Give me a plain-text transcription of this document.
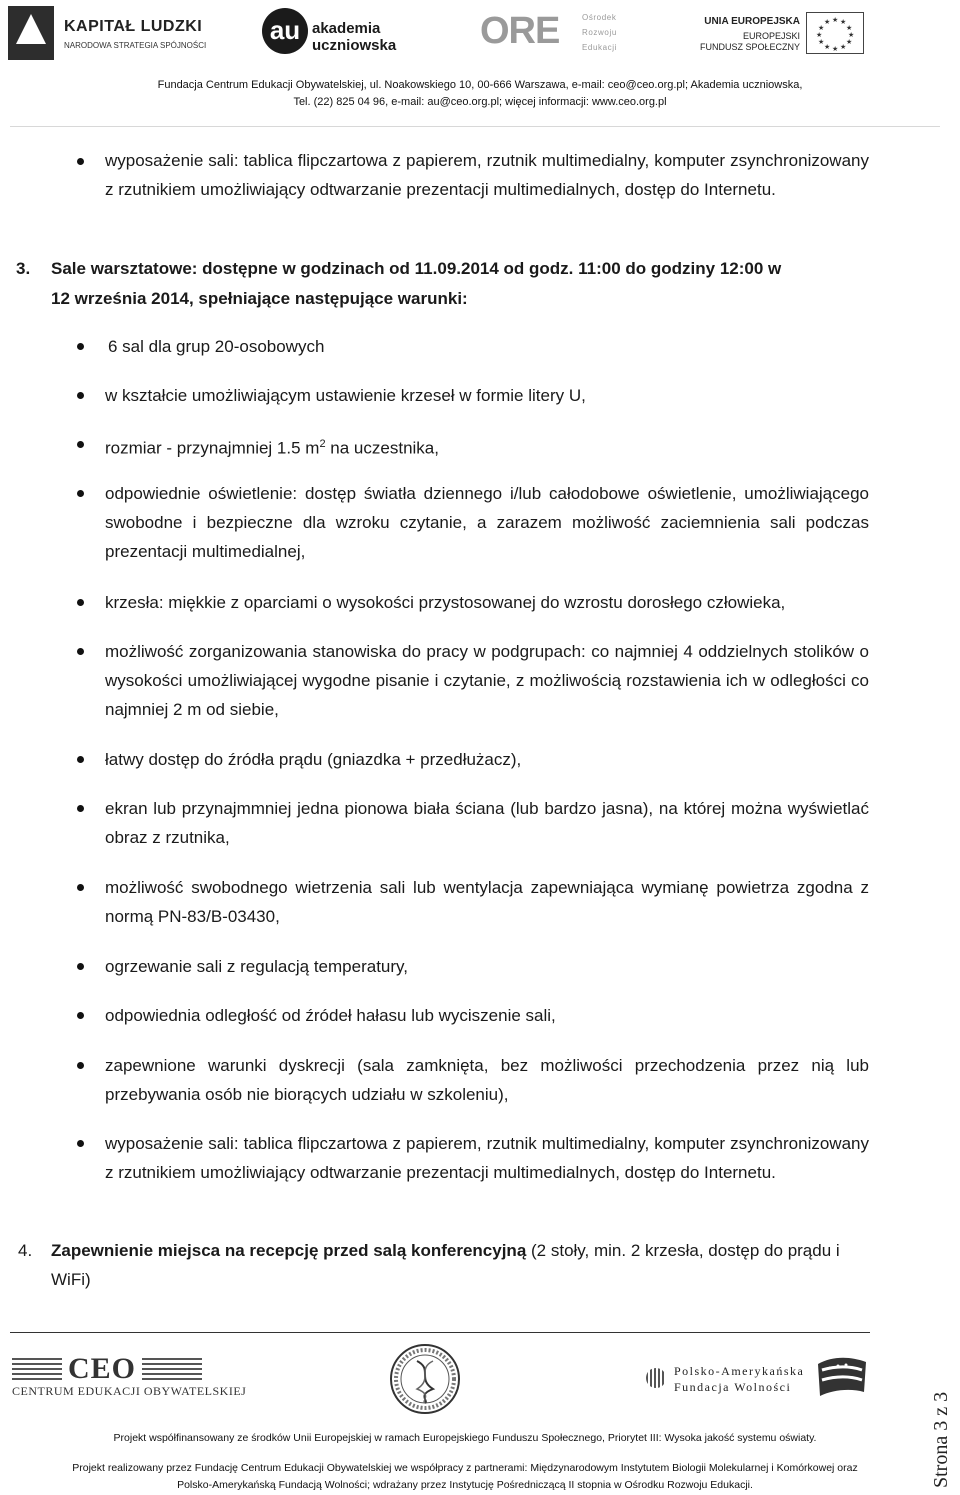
KAPITAŁ LUDZKI
NARODOWA STRATEGIA SPÓJNOŚCI
au akademia
uczniowska ORE	Ośrodek
Rozwoju
Edukacji
UNIA EUROPEJSKA
EUROPEJSKI
FUNDUSZ SPOŁECZNY
★ ★
★
★
★
★
★
★
★
★
★
★
Fundacja Centrum Edukacji Obywatelskiej, ul. Noakowskiego 10, 00-666 Warszawa, e-mail: ceo@ceo.org.pl; Akademia uczniowska,
Tel. (22) 825 04 96, e-mail: au@ceo.org.pl; więcej informacji: www.ceo.org.pl
wyposażenie sali: tablica flipczartowa z papierem, rzutnik multimedialny, komputer zsynchronizowany z rzutnikiem umożliwiający odtwarzanie prezentacji multimedialnych, dostęp do Internetu.
3. Sale warsztatowe: dostępne w godzinach od 11.09.2014 od godz. 11:00 do godziny 12:00 w
12 września 2014, spełniające następujące warunki:
6 sal dla grup 20-osobowych
w kształcie umożliwiającym ustawienie krzeseł w formie litery U,
rozmiar - przynajmniej 1.5 $m^2$ na uczestnika,
odpowiednie oświetlenie: dostęp światła dziennego i/lub całodobowe oświetlenie, umożliwiającego swobodne i bezpieczne dla wzroku czytanie, a zarazem możliwość zaciemnienia sali podczas prezentacji multimedialnej,
krzesła: miękkie z oparciami o wysokości przystosowanej do wzrostu dorosłego człowieka,
możliwość zorganizowania stanowiska do pracy w podgrupach: co najmniej 4 oddzielnych stolików o wysokości umożliwiającej wygodne pisanie i czytanie, z możliwością rozstawienia ich w odległości co najmniej 2 m od siebie,
łatwy dostęp do źródła prądu (gniazdka + przedłużacz),
ekran lub przynajmmniej jedna pionowa biała ściana (lub bardzo jasna), na której można wyświetlać obraz z rzutnika,
możliwość swobodnego wietrzenia sali lub wentylacja zapewniająca wymianę powietrza zgodna z normą PN-83/B-03430,
ogrzewanie sali z regulacją temperatury,
odpowiednia odległość od źródeł hałasu lub wyciszenie sali,
zapewnione warunki dyskrecji (sala zamknięta, bez możliwości przechodzenia przez nią lub przebywania osób nie biorących udziału w szkoleniu),
wyposażenie sali: tablica flipczartowa z papierem, rzutnik multimedialny, komputer zsynchronizowany z rzutnikiem umożliwiający odtwarzanie prezentacji multimedialnych, dostęp do Internetu.
4. Zapewnienie miejsca na recepcję przed salą konferencyjną (2 stoły, min. 2 krzesła, dostęp do prądu i WiFi)
CEO
CENTRUM EDUKACJI OBYWATELSKIEJ
Polsko-Amerykańska
Fundacja Wolności
Projekt współfinansowany ze środków Unii Europejskiej w ramach Europejskiego Funduszu Społecznego, Priorytet III: Wysoka jakość systemu oświaty.
Projekt realizowany przez Fundację Centrum Edukacji Obywatelskiej we współpracy z partnerami: Międzynarodowym Instytutem Biologii Molekularnej i Komórkowej oraz
Polsko-Amerykańską Fundacją Wolności; wdrażany przez Instytucję Pośredniczącą II stopnia w Ośrodku Rozwoju Edukacji.	Strona 3 z 3
